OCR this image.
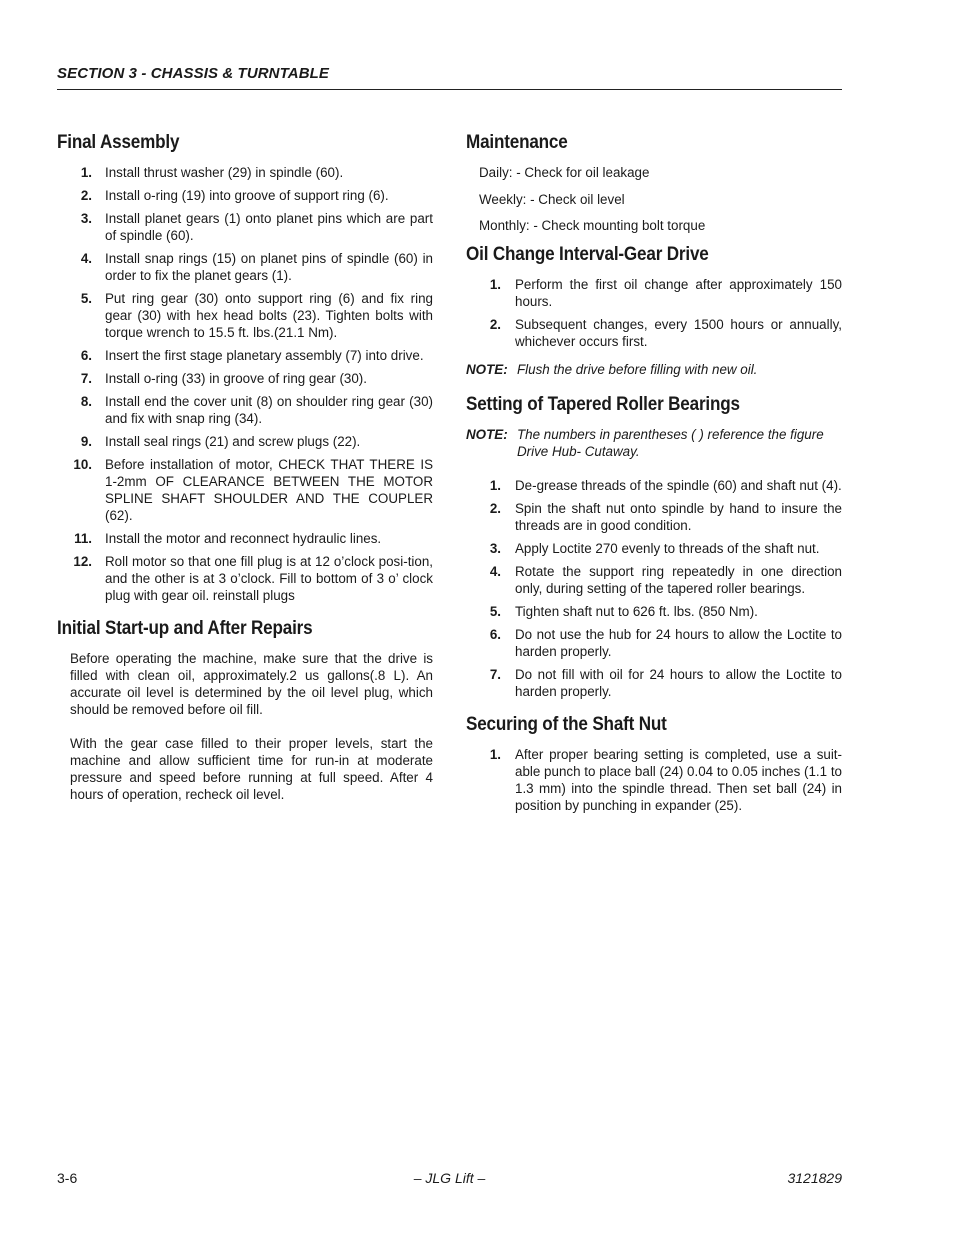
SECTION 3 - CHASSIS & TURNTABLE
Final Assembly
1. Install thrust washer (29) in spindle (60).
2. Install o-ring (19) into groove of support ring (6).
3. Install planet gears (1) onto planet pins which are part of spindle (60).
4. Install snap rings (15) on planet pins of spindle (60) in order to fix the planet gears (1).
5. Put ring gear (30) onto support ring (6) and fix ring gear (30) with hex head bolts (23). Tighten bolts with torque wrench to 15.5 ft. lbs.(21.1 Nm).
6. Insert the first stage planetary assembly (7) into drive.
7. Install o-ring (33) in groove of ring gear (30).
8. Install end the cover unit (8) on shoulder ring gear (30) and fix with snap ring (34).
9. Install seal rings (21) and screw plugs (22).
10. Before installation of motor, CHECK THAT THERE IS 1-2mm OF CLEARANCE BETWEEN THE MOTOR SPLINE SHAFT SHOULDER AND THE COUPLER (62).
11. Install the motor and reconnect hydraulic lines.
12. Roll motor so that one fill plug is at 12 o’clock posi-tion, and the other is at 3 o’clock. Fill to bottom of 3 o’ clock plug with gear oil. reinstall plugs
Initial Start-up and After Repairs

Before operating the machine, make sure that the drive is filled with clean oil, approximately.2 us gallons(.8 L). An accurate oil level is determined by the oil level plug, which should be removed before oil fill.

With the gear case filled to their proper levels, start the machine and allow sufficient time for run-in at moderate pressure and speed before running at full speed. After 4 hours of operation, recheck oil level.

Maintenance
Daily: - Check for oil leakage
Weekly: - Check oil level
Monthly: - Check mounting bolt torque
Oil Change Interval-Gear Drive
1. Perform the first oil change after approximately 150 hours.
2. Subsequent changes, every 1500 hours or annually, whichever occurs first.
NOTE: Flush the drive before filling with new oil.
Setting of Tapered Roller Bearings
NOTE: The numbers in parentheses ( ) reference the figure Drive Hub- Cutaway.
1. De-grease threads of the spindle (60) and shaft nut (4).
2. Spin the shaft nut onto spindle by hand to insure the threads are in good condition.
3. Apply Loctite 270 evenly to threads of the shaft nut.
4. Rotate the support ring repeatedly in one direction only, during setting of the tapered roller bearings.
5. Tighten shaft nut to 626 ft. lbs. (850 Nm).
6. Do not use the hub for 24 hours to allow the Loctite to harden properly.
7. Do not fill with oil for 24 hours to allow the Loctite to harden properly.
Securing of the Shaft Nut
1. After proper bearing setting is completed, use a suit-able punch to place ball (24) 0.04 to 0.05 inches (1.1 to 1.3 mm) into the spindle thread. Then set ball (24) in position by punching in expander (25).
3-6	– JLG Lift –	3121829
